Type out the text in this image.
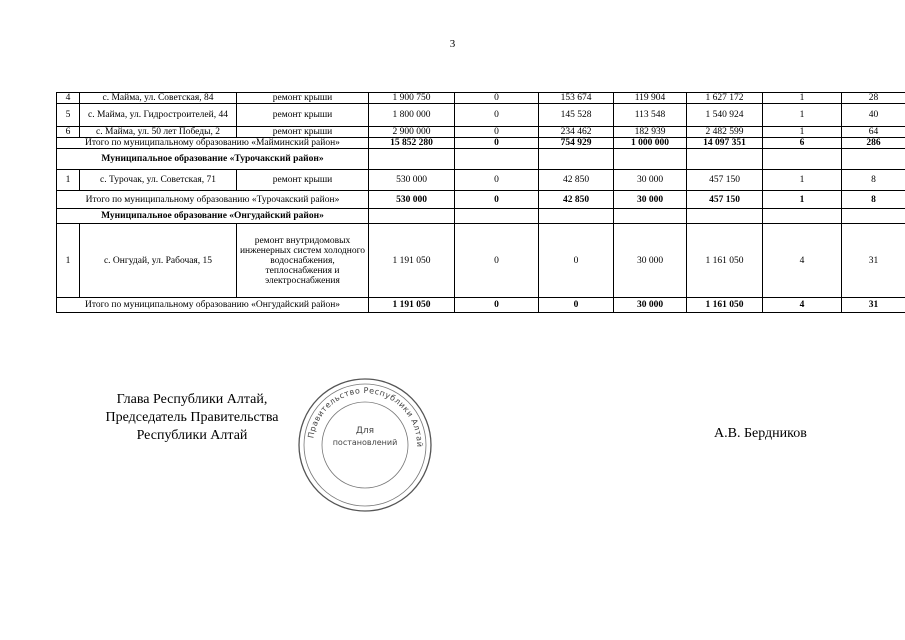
3
4	с. Майма, ул. Советская, 84	ремонт крыши	1 900 750	0	153 674	119 904	1 627 172	1	28
5	с. Майма, ул. Гидростроителей, 44	ремонт крыши	1 800 000	0	145 528	113 548	1 540 924	1	40
6	с. Майма, ул. 50 лет Победы, 2	ремонт крыши	2 900 000	0	234 462	182 939	2 482 599	1	64
Итого по муниципальному образованию «Майминский район»			15 852 280	0	754 929	1 000 000	14 097 351	6	286
Муниципальное образование «Турочакский район»									
1	с. Турочак, ул. Советская, 71	ремонт крыши	530 000	0	42 850	30 000	457 150	1	8
Итого по муниципальному образованию «Турочакский район»			530 000	0	42 850	30 000	457 150	1	8
Муниципальное образование «Онгудайский район»									
1	с. Онгудай, ул. Рабочая, 15	ремонт внутридомовых инженерных систем холодного водоснабжения, теплоснабжения и электроснабжения	1 191 050	0	0	30 000	1 161 050	4	31
Итого по муниципальному образованию «Онгудайский район»			1 191 050	0	0	30 000	1 161 050	4	31
Глава Республики Алтай,
Председатель Правительства
Республики Алтай	Правительство Республики Алтай
Для
постановлений
А.В. Бердников
